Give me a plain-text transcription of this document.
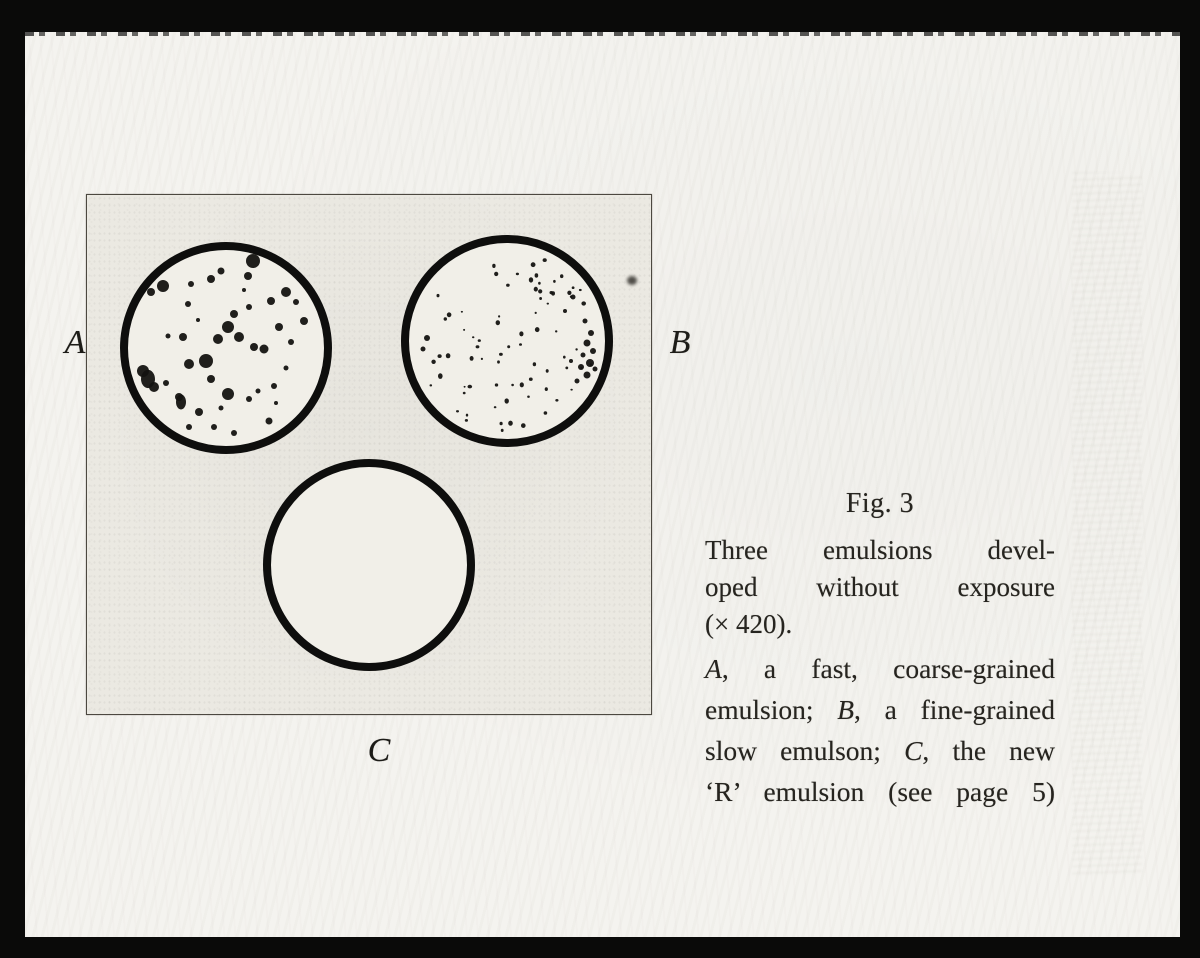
A	B
C
Fig. 3
Three emulsions devel-
oped without exposure
(× 420).
A, a fast, coarse-grained
emulsion; B, a fine-grained
slow emulson; C, the new
‘R’ emulsion (see page 5)
